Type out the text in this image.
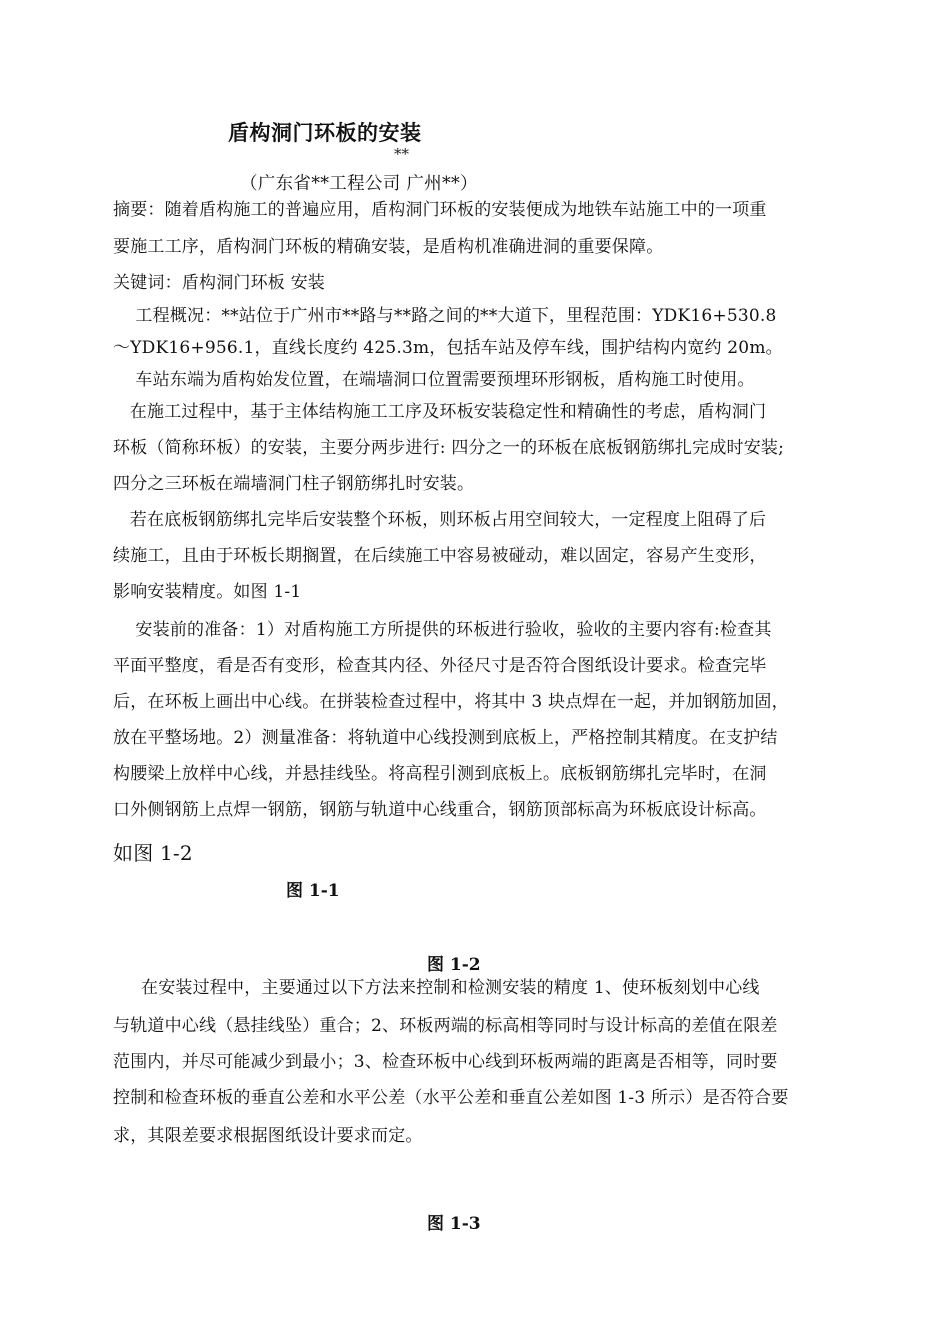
盾构洞门环板的安装
**
（广东省**工程公司 广州**）
摘要：随着盾构施工的普遍应用，盾构洞门环板的安装便成为地铁车站施工中的一项重
要施工工序，盾构洞门环板的精确安装，是盾构机准确进洞的重要保障。
关键词：盾构洞门环板 安装
工程概况：**站位于广州市**路与**路之间的**大道下，里程范围：YDK16+530.8
～YDK16+956.1，直线长度约 425.3m，包括车站及停车线，围护结构内宽约 20m。
车站东端为盾构始发位置，在端墙洞口位置需要预埋环形钢板，盾构施工时使用。
在施工过程中，基于主体结构施工工序及环板安装稳定性和精确性的考虑，盾构洞门
环板（简称环板）的安装，主要分两步进行: 四分之一的环板在底板钢筋绑扎完成时安装;
四分之三环板在端墙洞门柱子钢筋绑扎时安装。
若在底板钢筋绑扎完毕后安装整个环板，则环板占用空间较大，一定程度上阻碍了后
续施工，且由于环板长期搁置，在后续施工中容易被碰动，难以固定，容易产生变形，
影响安装精度。如图 1-1
安装前的准备：1）对盾构施工方所提供的环板进行验收，验收的主要内容有:检查其
平面平整度，看是否有变形，检查其内径、外径尺寸是否符合图纸设计要求。检查完毕
后，在环板上画出中心线。在拼装检查过程中，将其中 3 块点焊在一起，并加钢筋加固，
放在平整场地。2）测量准备：将轨道中心线投测到底板上，严格控制其精度。在支护结
构腰梁上放样中心线，并悬挂线坠。将高程引测到底板上。底板钢筋绑扎完毕时，在洞
口外侧钢筋上点焊一钢筋，钢筋与轨道中心线重合，钢筋顶部标高为环板底设计标高。
如图 1-2
图 1-1
图 1-2
在安装过程中，主要通过以下方法来控制和检测安装的精度 1、使环板刻划中心线
与轨道中心线（悬挂线坠）重合；2、环板两端的标高相等同时与设计标高的差值在限差
范围内，并尽可能减少到最小；3、检查环板中心线到环板两端的距离是否相等，同时要
控制和检查环板的垂直公差和水平公差（水平公差和垂直公差如图 1-3 所示）是否符合要
求，其限差要求根据图纸设计要求而定。
图 1-3
